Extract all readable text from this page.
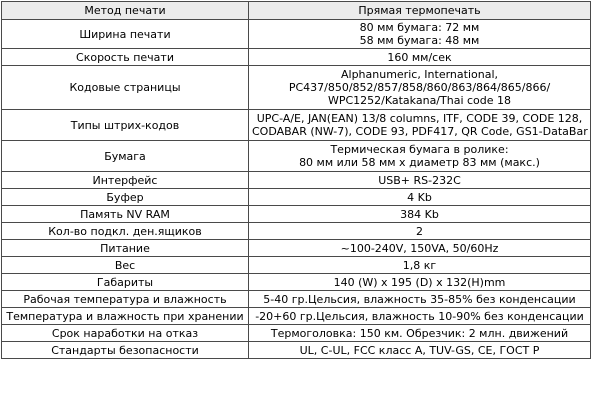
Метод печати	Прямая термопечать

Ширина печати	80 мм бумага: 72 мм
58 мм бумага: 48 мм

Скорость печати	160 мм/сек

Кодовые страницы	Alphanumeric, International,
PC437/850/852/857/858/860/863/864/865/866/
WPC1252/Katakana/Thai code 18

Типы штрих-кодов	UPC-A/E, JAN(EAN) 13/8 columns, ITF, CODE 39, CODE 128,
CODABAR (NW-7), CODE 93, PDF417, QR Code, GS1-DataBar

Бумага	Термическая бумага в ролике:
80 мм или 58 мм x диаметр 83 мм (макс.)

Интерфейс	USB+ RS-232C

Буфер	4 Kb

Память NV RAM	384 Kb

Кол-во подкл. ден.ящиков	2

Питание	~100-240V, 150VA, 50/60Hz

Вес	1,8 кг

Габариты	140 (W) x 195 (D) x 132(H)mm

Рабочая температура и влажность	5-40 гр.Цельсия, влажность 35-85% без конденсации

Температура и влажность при хранении	-20+60 гр.Цельсия, влажность 10-90% без конденсации

Срок наработки на отказ	Термоголовка: 150 км. Обрезчик: 2 млн. движений

Стандарты безопасности	UL, C-UL, FCC класс A, TUV-GS, CE, ГОСТ Р
